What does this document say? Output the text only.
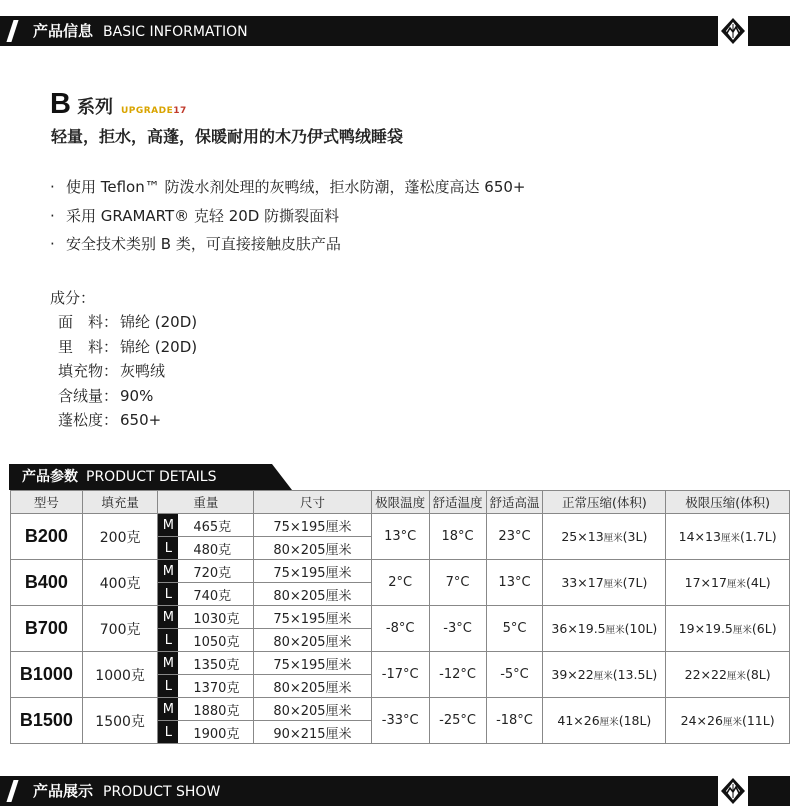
产品信息 BASIC INFORMATION
B系列 $^{UPGRADE17}$
轻量，拒水，高蓬，保暖耐用的木乃伊式鸭绒睡袋
· 使用 Teflon™ 防泼水剂处理的灰鸭绒，拒水防潮，蓬松度高达 650+
· 采用 GRAMART® 克轻 20D 防撕裂面料
· 安全技术类别 B 类，可直接接触皮肤产品
成分：
面　料： 锦纶 (20D)
里　料： 锦纶 (20D)
填充物： 灰鸭绒
含绒量： 90%
蓬松度： 650+
产品参数 PRODUCT DETAILS
型号	填充量	重量		尺寸	极限温度	舒适温度	舒适高温	正常压缩(体积)	极限压缩(体积)
B200	200克	M	465克	75×195厘米	13°C	18°C	23°C	25×13厘米(3L)	14×13厘米(1.7L)
		L	480克	80×205厘米					
B400	400克	M	720克	75×195厘米	2°C	7°C	13°C	33×17厘米(7L)	17×17厘米(4L)
		L	740克	80×205厘米					
B700	700克	M	1030克	75×195厘米	-8°C	-3°C	5°C	36×19.5厘米(10L)	19×19.5厘米(6L)
		L	1050克	80×205厘米					
B1000	1000克	M	1350克	75×195厘米	-17°C	-12°C	-5°C	39×22厘米(13.5L)	22×22厘米(8L)
		L	1370克	80×205厘米					
B1500	1500克	M	1880克	80×205厘米	-33°C	-25°C	-18°C	41×26厘米(18L)	24×26厘米(11L)
		L	1900克	90×215厘米					
产品展示 PRODUCT SHOW
